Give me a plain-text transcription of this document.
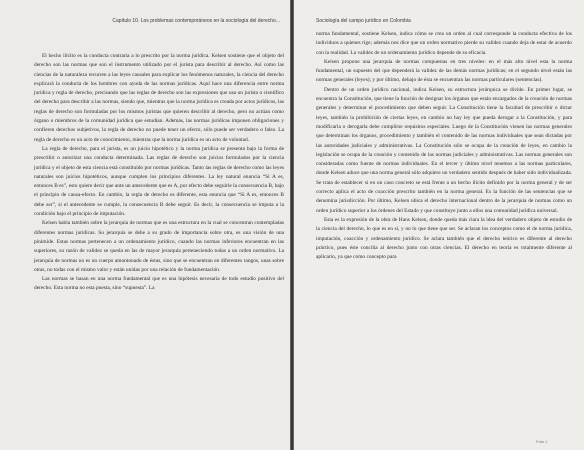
Capítulo 10. Los problemas contemporáneos en la sociología del derecho...

El hecho ilícito es la conducta contraria a lo prescrito por la norma jurídica. Kelsen sostiene que el objeto del derecho son las normas que son el instrumento utilizado por el jurista para describir al derecho. Así como las ciencias de la naturaleza recurren a las leyes causales para explicar los fenómenos naturales, la ciencia del derecho explicará la conducta de los hombres con ayuda de las normas jurídicas. Aquí hace una diferencia entre norma jurídica y regla de derecho, precisando que las reglas de derecho son las expresiones que usa un jurista o científico del derecho para describir a las normas, siendo que, mientras que la norma jurídica es creada por actos jurídicos, las reglas de derecho son formuladas por los mismos juristas que quieren describir al derecho, pero no actúan como órgano o miembros de la comunidad jurídica que estudian. Además, las normas jurídicas imponen obligaciones y confieren derechos subjetivos, la regla de derecho no puede tener un efecto, sólo puede ser verdadero o falso. La regla de derecho es un acto de conocimiento, mientras que la norma jurídica es un acto de voluntad.

La regla de derecho, para el jurista, es un juicio hipotético y la norma jurídica se presenta bajo la forma de prescribir o autorizar una conducta determinada. Las reglas de derecho son juicios formulados por la ciencia jurídica y el objeto de esta ciencia está constituido por normas jurídicas. Tanto las reglas de derecho como las leyes naturales son juicios hipotéticos, aunque cumplen los principios diferentes. La ley natural enuncia “Si A es, entonces B es”, esto quiere decir que ante un antecedente que es A, por efecto debe seguirle la consecuencia B, bajo el principio de causa-efecto. En cambio, la regla de derecho es diferente, esta enuncia que “Si A es, entonces B debe ser”, si el antecedente se cumple, la consecuencia B debe seguir. Es decir, la consecuencia se imputa a la condición bajo el principio de imputación.

Kelsen habla también sobre la jerarquía de normas que es una estructura en la cual se concentran contempladas diferentes normas jurídicas. Su jerarquía se debe a su grado de importancia sobre otra, es una visión de una pirámide. Estas normas pertenecen a un ordenamiento jurídico, cuando las normas inferiores encuentran en las superiores, su razón de validez se queda en las de mayor jerarquía perteneciendo todas a un orden normativo. La jerarquía de normas no es un cuerpo amontonado de éstas, sino que se encuentran en diferentes rangos, unas sobre otras, no todas con el mismo valor y están unidas por una relación de fundamentación.

Las normas se basan en una norma fundamental que es una hipótesis necesaria de todo estudio positivo del derecho. Esta norma no esta puesta, sino “supuesta”. La

Sociología del campo jurídico en Colombia

norma fundamental, sostiene Kelsen, indica cómo se crea un orden al cual corresponde la conducta efectiva de los individuos a quienes rige; además nos dice que un orden normativo pierde su validez cuando deja de estar de acuerdo con la realidad. La validez de un ordenamiento jurídico depende de su eficacia.

Kelsen propone una jerarquía de normas compuestas en tres niveles: en el más alto nivel esta la norma fundamental, un supuesto del que dependerá la validez de las demás normas jurídicas; en el segundo nivel están las normas generales (leyes); y por último, debajo de ésta se encuentran las normas particulares (sentencias).

Dentro de un orden jurídico nacional, indica Kelsen, su estructura jerárquica se divide. En primer lugar, se encuentra la Constitución, que tiene la función de designar los órganos que están encargados de la creación de normas generales y determinar el procedimiento que deben seguir. La Constitución tiene la facultad de prescribir o dictar leyes, también la prohibición de ciertas leyes, en cambio no hay ley que pueda derogar a la Constitución, y para modificarla o derogarla debe cumplirse requisitos especiales. Luego de la Constitución vienen las normas generales que determinan los órganos, procedimiento y también el contenido de las normas individuales que sean dictadas por las autoridades judiciales y administrativas. La Constitución sólo se ocupa de la creación de leyes, en cambio la legislación se ocupa de la creación y contenido de las normas judiciales y administrativas. Las normas generales son consideradas como fuente de normas individuales. En el tercer y último nivel tenemos a las normas particulares, donde Kelsen aduce que una norma general sólo adquiere un verdadero sentido después de haber sido individualizada. Se trata de establecer si en un caso concreto se está frente a un hecho ilícito definido por la norma general y de ser correcto aplica el acto de coacción prescrito también en la norma general. Es la función de las sentencias que se denomina jurisdicción. Por último, Kelsen ubica el derecho internacional dentro de la jerarquía de normas como un orden jurídico superior a los órdenes del Estado y que constituye junto a ellos una comunidad jurídica universal.

Esta es la expresión de la obra de Hans Kelsen, donde queda más clara la idea del verdadero objeto de estudio de la ciencia del derecho, lo que es en sí, y no lo que tiene que ser. Se aclaran los conceptos como el de norma jurídica, imputación, coacción y ordenamiento jurídico. Se aclara también que el derecho teórico es diferente al derecho práctico, pues éste concilia al derecho junto con otras ciencias. El derecho en teoría es totalmente diferente al aplicario, ya que como concepto para

Foto 1
